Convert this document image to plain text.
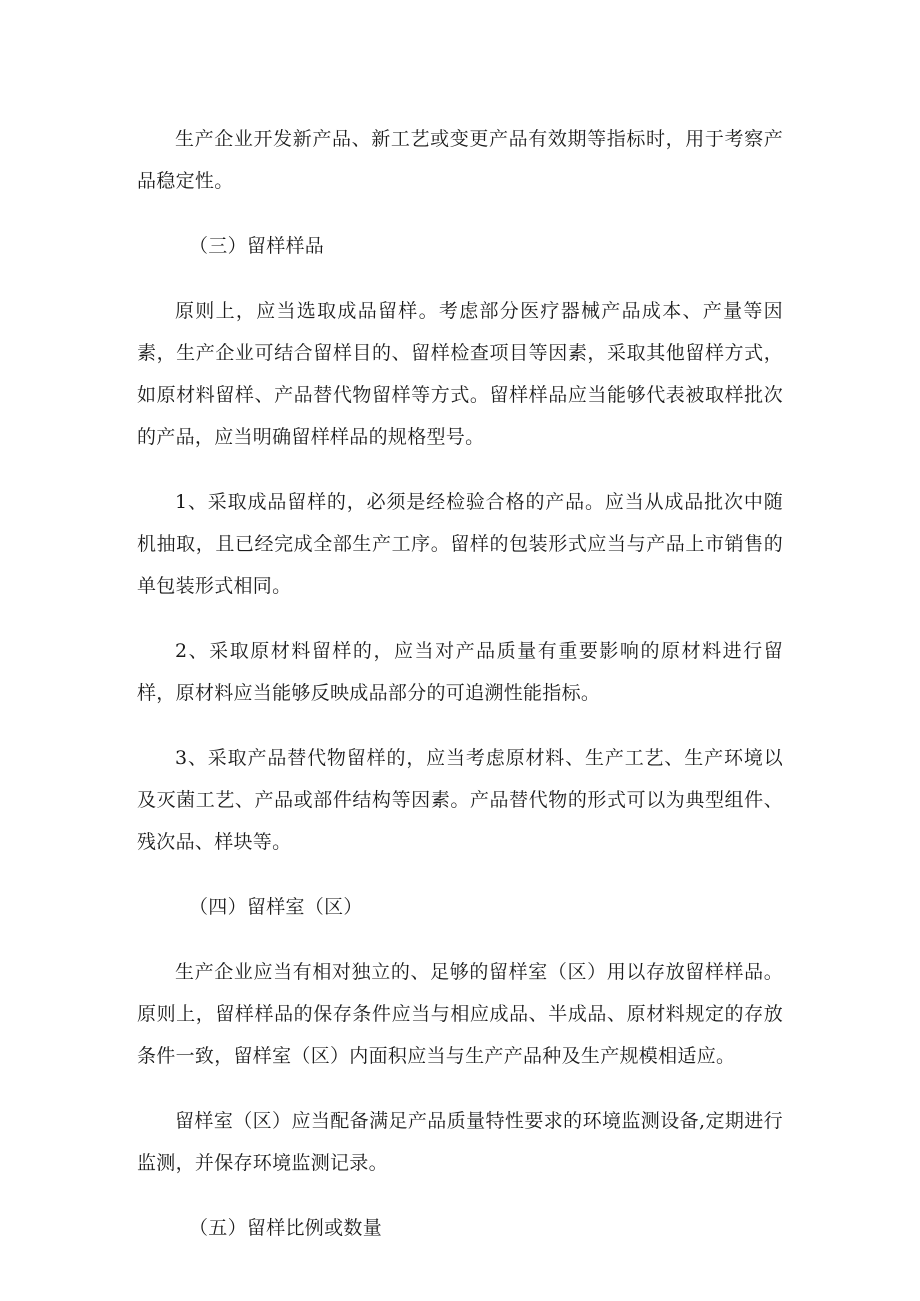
生产企业开发新产品、新工艺或变更产品有效期等指标时，用于考察产品稳定性。

（三）留样样品

原则上，应当选取成品留样。考虑部分医疗器械产品成本、产量等因素，生产企业可结合留样目的、留样检查项目等因素，采取其他留样方式，如原材料留样、产品替代物留样等方式。留样样品应当能够代表被取样批次的产品，应当明确留样样品的规格型号。

1、采取成品留样的，必须是经检验合格的产品。应当从成品批次中随机抽取，且已经完成全部生产工序。留样的包装形式应当与产品上市销售的单包装形式相同。

2、采取原材料留样的，应当对产品质量有重要影响的原材料进行留样，原材料应当能够反映成品部分的可追溯性能指标。

3、采取产品替代物留样的，应当考虑原材料、生产工艺、生产环境以及灭菌工艺、产品或部件结构等因素。产品替代物的形式可以为典型组件、残次品、样块等。

（四）留样室（区）

生产企业应当有相对独立的、足够的留样室（区）用以存放留样样品。原则上，留样样品的保存条件应当与相应成品、半成品、原材料规定的存放条件一致，留样室（区）内面积应当与生产产品种及生产规模相适应。

留样室（区）应当配备满足产品质量特性要求的环境监测设备,定期进行监测，并保存环境监测记录。

（五）留样比例或数量
